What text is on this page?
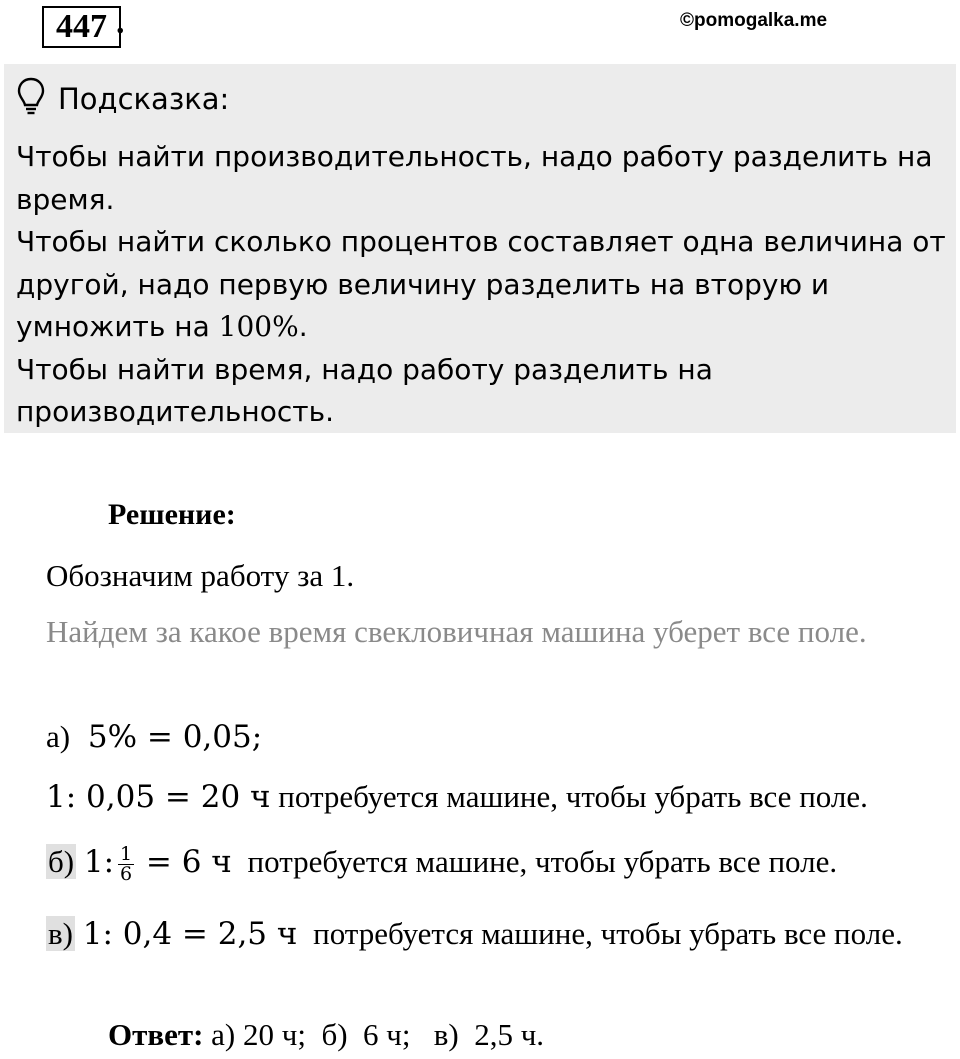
447 .	©pomogalka.me
Подсказка:

Чтобы найти производительность, надо работу разделить на время.

Чтобы найти сколько процентов составляет одна величина от другой, надо первую величину разделить на вторую и умножить на 100%.

Чтобы найти время, надо работу разделить на производительность.

Решение:
Обозначим работу за 1.
Найдем за какое время свекловичная машина уберет все поле.
а) 5% = 0,05;
1: 0,05 = 20 ч потребуется машине, чтобы убрать все поле.
б) 1: $\frac{1}{6} = 6$ ч потребуется машине, чтобы убрать все поле.
в) 1: 0,4 = 2,5 ч потребуется машине, чтобы убрать все поле.
Ответ: а) 20 ч;  б)  6 ч;   в)  2,5 ч.
